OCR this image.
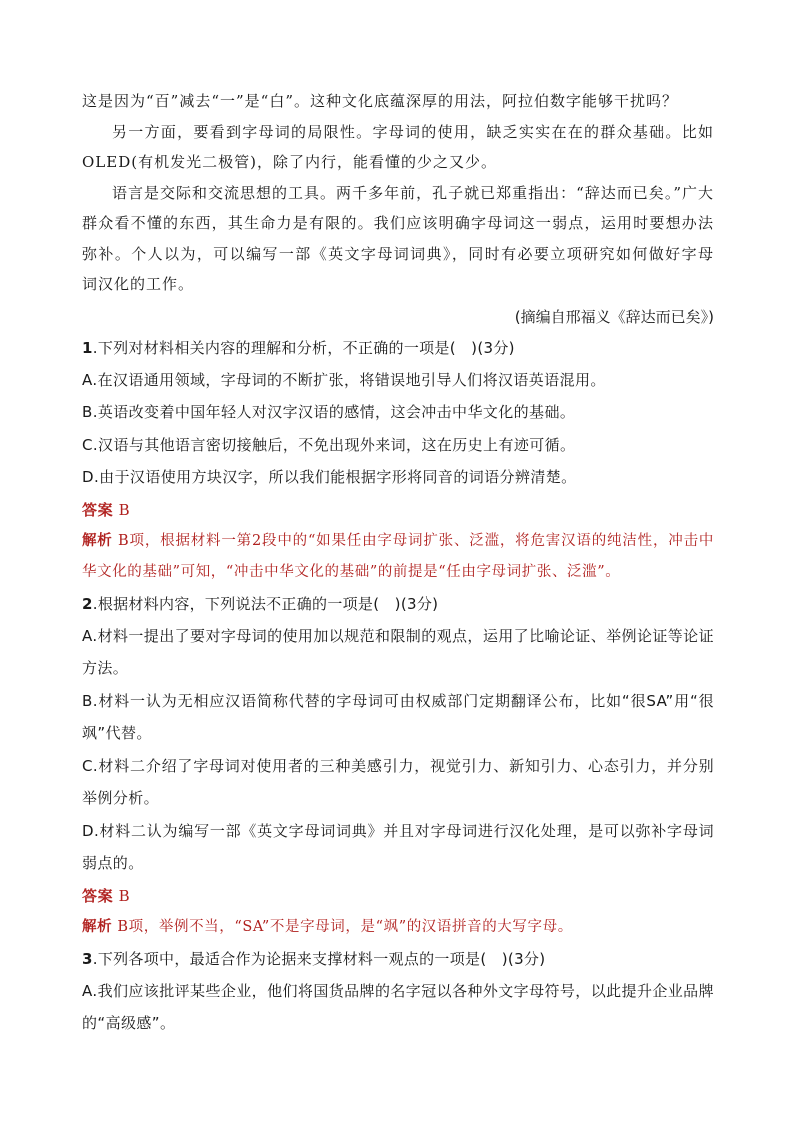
这是因为“百”减去“一”是“白”。这种文化底蕴深厚的用法，阿拉伯数字能够干扰吗？

另一方面，要看到字母词的局限性。字母词的使用，缺乏实实在在的群众基础。比如OLED(有机发光二极管)，除了内行，能看懂的少之又少。

语言是交际和交流思想的工具。两千多年前，孔子就已郑重指出：“辞达而已矣。”广大群众看不懂的东西，其生命力是有限的。我们应该明确字母词这一弱点，运用时要想办法弥补。个人以为，可以编写一部《英文字母词词典》，同时有必要立项研究如何做好字母词汉化的工作。

(摘编自邢福义《辞达而已矣》)

1.下列对材料相关内容的理解和分析，不正确的一项是(　)(3分)

A.在汉语通用领域，字母词的不断扩张，将错误地引导人们将汉语英语混用。

B.英语改变着中国年轻人对汉字汉语的感情，这会冲击中华文化的基础。

C.汉语与其他语言密切接触后，不免出现外来词，这在历史上有迹可循。

D.由于汉语使用方块汉字，所以我们能根据字形将同音的词语分辨清楚。

答案 B

解析 B项，根据材料一第2段中的“如果任由字母词扩张、泛滥，将危害汉语的纯洁性，冲击中华文化的基础”可知，“冲击中华文化的基础”的前提是“任由字母词扩张、泛滥”。

2.根据材料内容，下列说法不正确的一项是(　)(3分)

A.材料一提出了要对字母词的使用加以规范和限制的观点，运用了比喻论证、举例论证等论证方法。

B.材料一认为无相应汉语简称代替的字母词可由权威部门定期翻译公布，比如“很SA”用“很飒”代替。

C.材料二介绍了字母词对使用者的三种美感引力，视觉引力、新知引力、心态引力，并分别举例分析。

D.材料二认为编写一部《英文字母词词典》并且对字母词进行汉化处理，是可以弥补字母词弱点的。

答案 B

解析 B项，举例不当，“SA”不是字母词，是“飒”的汉语拼音的大写字母。

3.下列各项中，最适合作为论据来支撑材料一观点的一项是(　)(3分)

A.我们应该批评某些企业，他们将国货品牌的名字冠以各种外文字母符号，以此提升企业品牌的“高级感”。
